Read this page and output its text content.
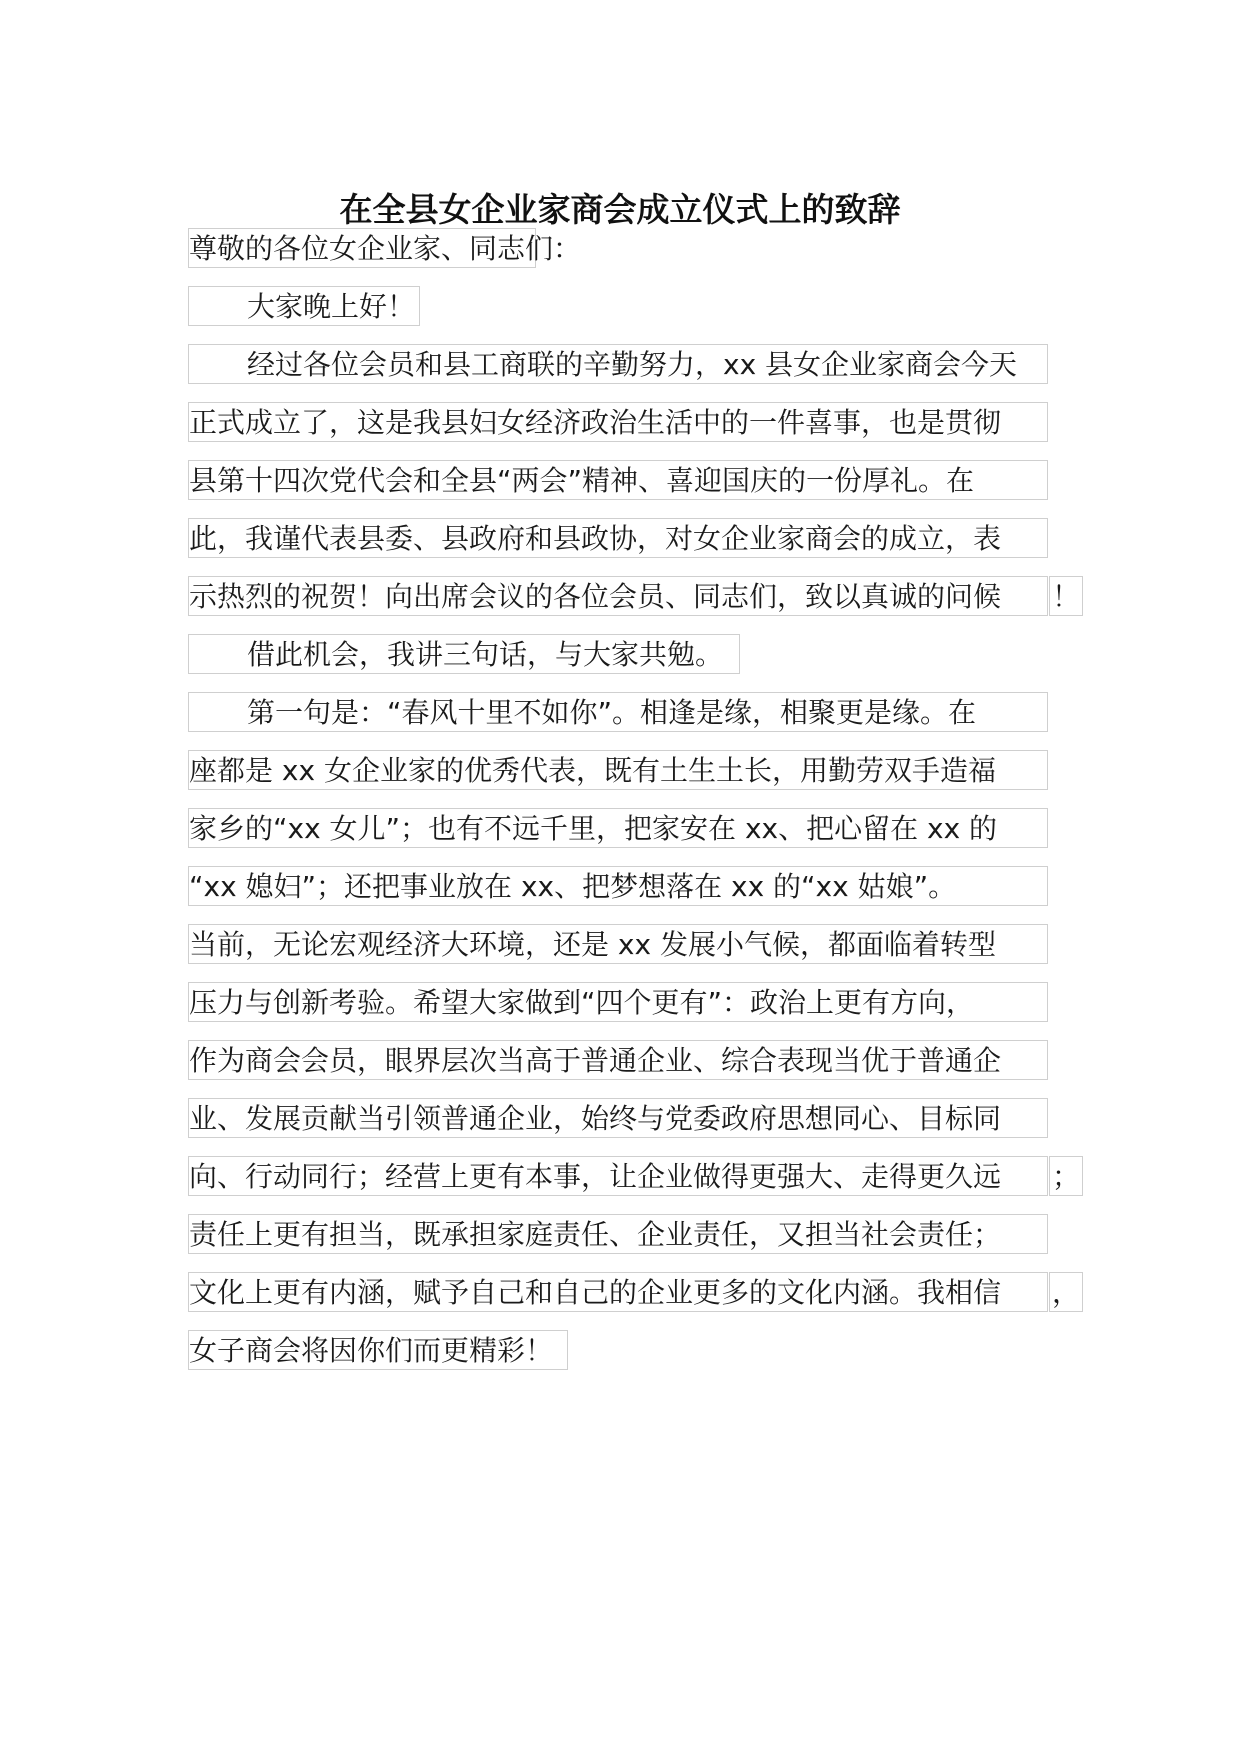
在全县女企业家商会成立仪式上的致辞
尊敬的各位女企业家、同志们：
大家晚上好！
经过各位会员和县工商联的辛勤努力，xx 县女企业家商会今天
正式成立了，这是我县妇女经济政治生活中的一件喜事，也是贯彻
县第十四次党代会和全县“两会”精神、喜迎国庆的一份厚礼。在
此，我谨代表县委、县政府和县政协，对女企业家商会的成立，表
示热烈的祝贺！向出席会议的各位会员、同志们，致以真诚的问候 ！
借此机会，我讲三句话，与大家共勉。
第一句是：“春风十里不如你”。相逢是缘，相聚更是缘。在
座都是 xx 女企业家的优秀代表，既有土生土长，用勤劳双手造福
家乡的“xx 女儿”；也有不远千里，把家安在 xx、把心留在 xx 的
“xx 媳妇”；还把事业放在 xx、把梦想落在 xx 的“xx 姑娘”。
当前，无论宏观经济大环境，还是 xx 发展小气候，都面临着转型
压力与创新考验。希望大家做到“四个更有”：政治上更有方向，
作为商会会员，眼界层次当高于普通企业、综合表现当优于普通企
业、发展贡献当引领普通企业，始终与党委政府思想同心、目标同
向、行动同行；经营上更有本事，让企业做得更强大、走得更久远 ；
责任上更有担当，既承担家庭责任、企业责任，又担当社会责任；
文化上更有内涵，赋予自己和自己的企业更多的文化内涵。我相信 ，
女子商会将因你们而更精彩！
